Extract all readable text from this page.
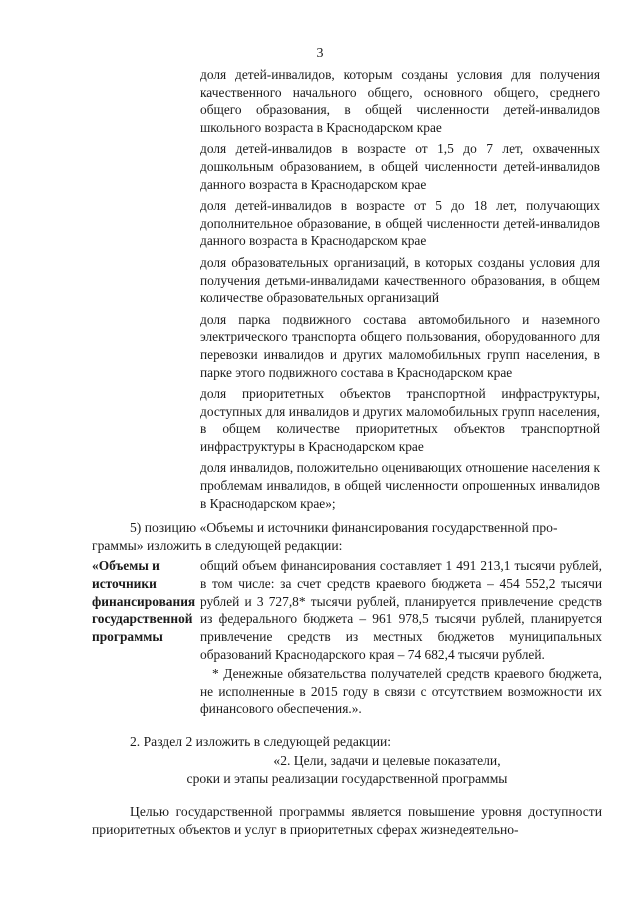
3

доля детей-инвалидов, которым созданы условия для получения качественного начального общего, основного общего, среднего общего образования, в общей численности детей-инвалидов школьного возраста в Краснодарском крае

доля детей-инвалидов в возрасте от 1,5 до 7 лет, охваченных дошкольным образованием, в общей численности детей-инвалидов данного возраста в Краснодарском крае

доля детей-инвалидов в возрасте от 5 до 18 лет, получающих дополнительное образование, в общей численности детей-инвалидов данного возраста в Краснодарском крае

доля образовательных организаций, в которых созданы условия для получения детьми-инвалидами качественного образования, в общем количестве образовательных организаций

доля парка подвижного состава автомобильного и наземного электрического транспорта общего пользования, оборудованного для перевозки инвалидов и других маломобильных групп населения, в парке этого подвижного состава в Краснодарском крае

доля приоритетных объектов транспортной инфраструктуры, доступных для инвалидов и других маломобильных групп населения, в общем количестве приоритетных объектов транспортной инфраструктуры в Краснодарском крае

доля инвалидов, положительно оценивающих отношение населения к проблемам инвалидов, в общей численности опрошенных инвалидов в Краснодарском крае»;

5) позицию «Объемы и источники финансирования государственной про-
граммы» изложить в следующей редакции:
«Объемы и источники финансирования государственной программы

общий объем финансирования составляет 1 491 213,1 тысячи рублей, в том числе: за счет средств краевого бюджета – 454 552,2 тысячи рублей и 3 727,8* тысячи рублей, планируется привлечение средств из федерального бюджета – 961 978,5 тысячи рублей, планируется привлечение средств из местных бюджетов муниципальных образований Краснодарского края – 74 682,4 тысячи рублей.

* Денежные обязательства получателей средств краевого бюджета, не исполненные в 2015 году в связи с отсутствием возможности их финансового обеспечения.».

2. Раздел 2 изложить в следующей редакции:
«2. Цели, задачи и целевые показатели,
сроки и этапы реализации государственной программы
Целью государственной программы является повышение уровня доступности приоритетных объектов и услуг в приоритетных сферах жизнедеятельно-
